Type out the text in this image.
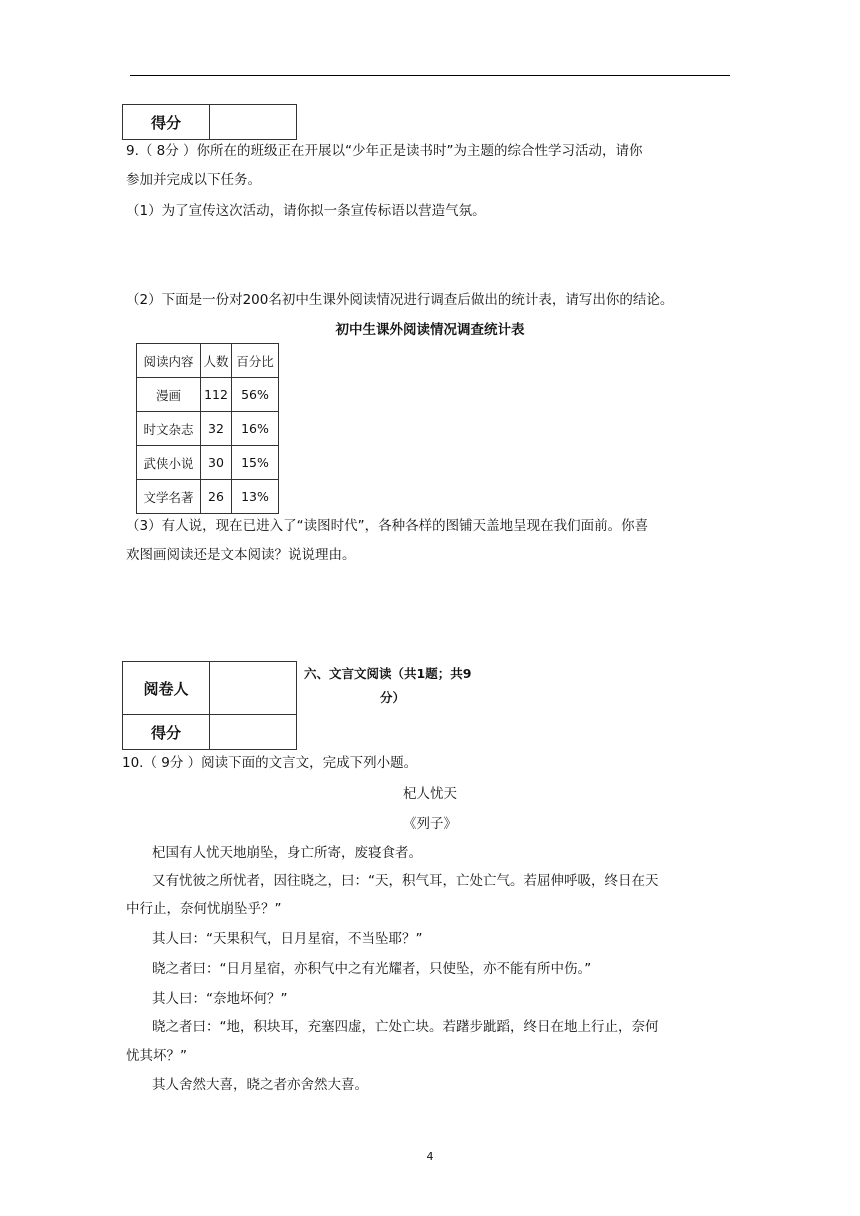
得分	
9.（ 8分 ）你所在的班级正在开展以“少年正是读书时”为主题的综合性学习活动，请你
参加并完成以下任务。
（1）为了宣传这次活动，请你拟一条宣传标语以营造气氛。
（2）下面是一份对200名初中生课外阅读情况进行调查后做出的统计表，请写出你的结论。
初中生课外阅读情况调查统计表
阅读内容	人数	百分比
漫画	112	56%
时文杂志	32	16%
武侠小说	30	15%
文学名著	26	13%
（3）有人说，现在已进入了“读图时代”，各种各样的图铺天盖地呈现在我们面前。你喜
欢图画阅读还是文本阅读？说说理由。
阅卷人	
得分	
六、文言文阅读（共1题；共9
分）
10.（ 9分 ）阅读下面的文言文，完成下列小题。
杞人忧天
《列子》
杞国有人忧天地崩坠，身亡所寄，废寝食者。
又有忧彼之所忧者，因往晓之，曰：“天，积气耳，亡处亡气。若屈伸呼吸，终日在天
中行止，奈何忧崩坠乎？”
其人曰：“天果积气，日月星宿，不当坠耶？”
晓之者曰：“日月星宿，亦积气中之有光耀者，只使坠，亦不能有所中伤。”
其人曰：“奈地坏何？”
晓之者曰：“地，积块耳，充塞四虚，亡处亡块。若躇步跐蹈，终日在地上行止，奈何
忧其坏？”
其人舍然大喜，晓之者亦舍然大喜。
4
